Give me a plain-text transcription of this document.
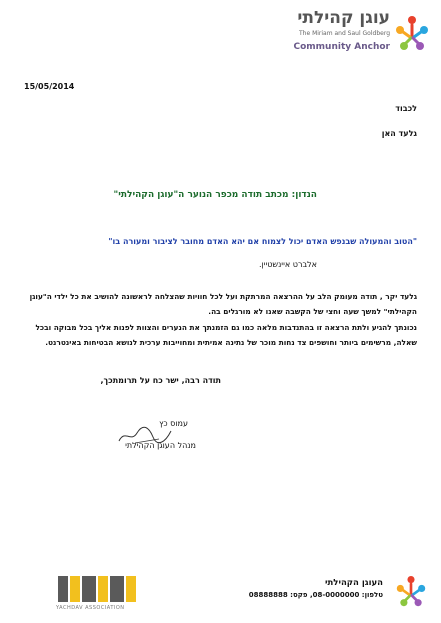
עוגן קהילתי
The Miriam and Saul Goldberg
Community Anchor
15/05/2014
לכבוד
גלעד האן
הנדון: מכתב תודה מכפר הנוער ה"עוגן הקהילתי"
"הטוב והמעולה שבנפש האדם יכול לצמוח אם יהא האדם מחובר לציבור ומעורה בו"
אלברט איינשטיין.
גלעד יקר , תודה מעומק הלב על ההרצאה המרתקת ועל לכל חוויות שהצלחה לראשונה להושיב את כל ילדי ה"עוגן הקהילתי" למשך שעה וחצי של הקשבה שאנו לא מורגלים בה.
נכונתך להגיע ולתת הרצאה זו בהתנדבות מלאה כמו גם הזמנתך את הנערים והצוות לפנות אליך בכל מבוקה ובכל שאלה, מרשימים ביותר וחושפים צד נחות מוכר של נתינה אמיתית ומחוייבות ערכית לנושא הבטיחות באינטרנט.
תודה רבה, ישר כח על תרומתכך,
עמוס כץ
מנהל העוגן הקהילתי
YACHDAV ASSOCIATION
העוגן הקהילתי
טלפון: 08-0000000, פקס: 08888888
